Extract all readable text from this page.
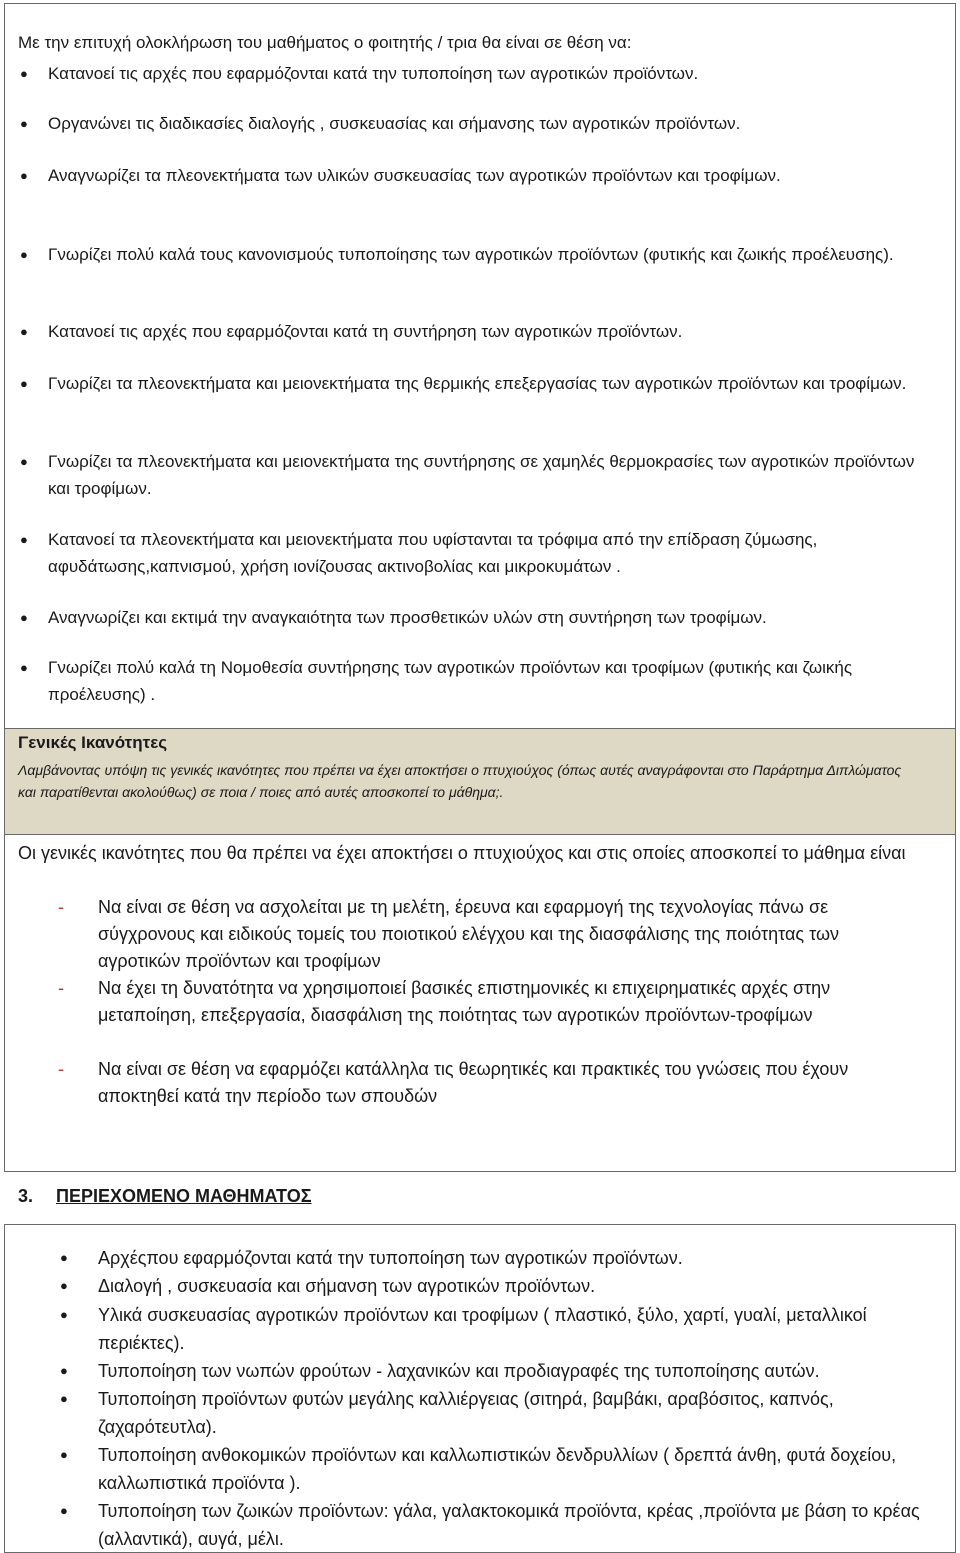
Με την επιτυχή ολοκλήρωση του μαθήματος ο φοιτητής / τρια θα είναι σε θέση να:
● Κατανοεί τις αρχές που εφαρμόζονται κατά την τυποποίηση των αγροτικών προϊόντων.
● Οργανώνει τις διαδικασίες διαλογής , συσκευασίας και σήμανσης των αγροτικών προϊόντων.
● Αναγνωρίζει τα πλεονεκτήματα των υλικών συσκευασίας των αγροτικών προϊόντων και τροφίμων.
● Γνωρίζει πολύ καλά τους κανονισμούς τυποποίησης των αγροτικών προϊόντων (φυτικής και ζωικής προέλευσης).
● Κατανοεί τις αρχές που εφαρμόζονται κατά τη συντήρηση των αγροτικών προϊόντων.
● Γνωρίζει τα πλεονεκτήματα και μειονεκτήματα της θερμικής επεξεργασίας των αγροτικών προϊόντων και τροφίμων.
● Γνωρίζει τα πλεονεκτήματα και μειονεκτήματα της συντήρησης σε χαμηλές θερμοκρασίες των αγροτικών προϊόντων και τροφίμων.
● Κατανοεί τα πλεονεκτήματα και μειονεκτήματα που υφίστανται τα τρόφιμα από την επίδραση ζύμωσης, αφυδάτωσης,καπνισμού, χρήση ιονίζουσας ακτινοβολίας και μικροκυμάτων .
● Αναγνωρίζει και εκτιμά την αναγκαιότητα των προσθετικών υλών στη συντήρηση των τροφίμων.
● Γνωρίζει πολύ καλά τη Νομοθεσία συντήρησης των αγροτικών προϊόντων και τροφίμων (φυτικής και ζωικής προέλευσης) .
Γενικές Ικανότητες
Λαμβάνοντας υπόψη τις γενικές ικανότητες που πρέπει να έχει αποκτήσει ο πτυχιούχος (όπως αυτές αναγράφονται στο Παράρτημα Διπλώματος και παρατίθενται ακολούθως) σε ποια / ποιες από αυτές αποσκοπεί το μάθημα;.
Οι γενικές ικανότητες που θα πρέπει να έχει αποκτήσει ο πτυχιούχος και στις οποίες αποσκοπεί το μάθημα είναι
- Να είναι σε θέση να ασχολείται με τη μελέτη, έρευνα και εφαρμογή της τεχνολογίας πάνω σε σύγχρονους και ειδικούς τομείς του ποιοτικού ελέγχου και της διασφάλισης της ποιότητας των αγροτικών προϊόντων και τροφίμων
- Να έχει τη δυνατότητα να χρησιμοποιεί βασικές επιστημονικές κι επιχειρηματικές αρχές στην μεταποίηση, επεξεργασία, διασφάλιση της ποιότητας των αγροτικών προϊόντων-τροφίμων
- Να είναι σε θέση να εφαρμόζει κατάλληλα τις θεωρητικές και πρακτικές του γνώσεις που έχουν αποκτηθεί κατά την περίοδο των σπουδών
3. ΠΕΡΙΕΧΟΜΕΝΟ ΜΑΘΗΜΑΤΟΣ
● Αρχέςπου εφαρμόζονται κατά την τυποποίηση των αγροτικών προϊόντων.
● Διαλογή , συσκευασία και σήμανση των αγροτικών προϊόντων.
● Υλικά συσκευασίας αγροτικών προϊόντων και τροφίμων ( πλαστικό, ξύλο, χαρτί, γυαλί, μεταλλικοί περιέκτες).
● Τυποποίηση των νωπών φρούτων - λαχανικών και προδιαγραφές της τυποποίησης αυτών.
● Τυποποίηση προϊόντων φυτών μεγάλης καλλιέργειας (σιτηρά, βαμβάκι, αραβόσιτος, καπνός, ζαχαρότευτλα).
● Τυποποίηση ανθοκομικών προϊόντων και καλλωπιστικών δενδρυλλίων ( δρεπτά άνθη, φυτά δοχείου, καλλωπιστικά προϊόντα ).
● Τυποποίηση των ζωικών προϊόντων: γάλα, γαλακτοκομικά προϊόντα, κρέας ,προϊόντα με βάση το κρέας (αλλαντικά), αυγά, μέλι.
